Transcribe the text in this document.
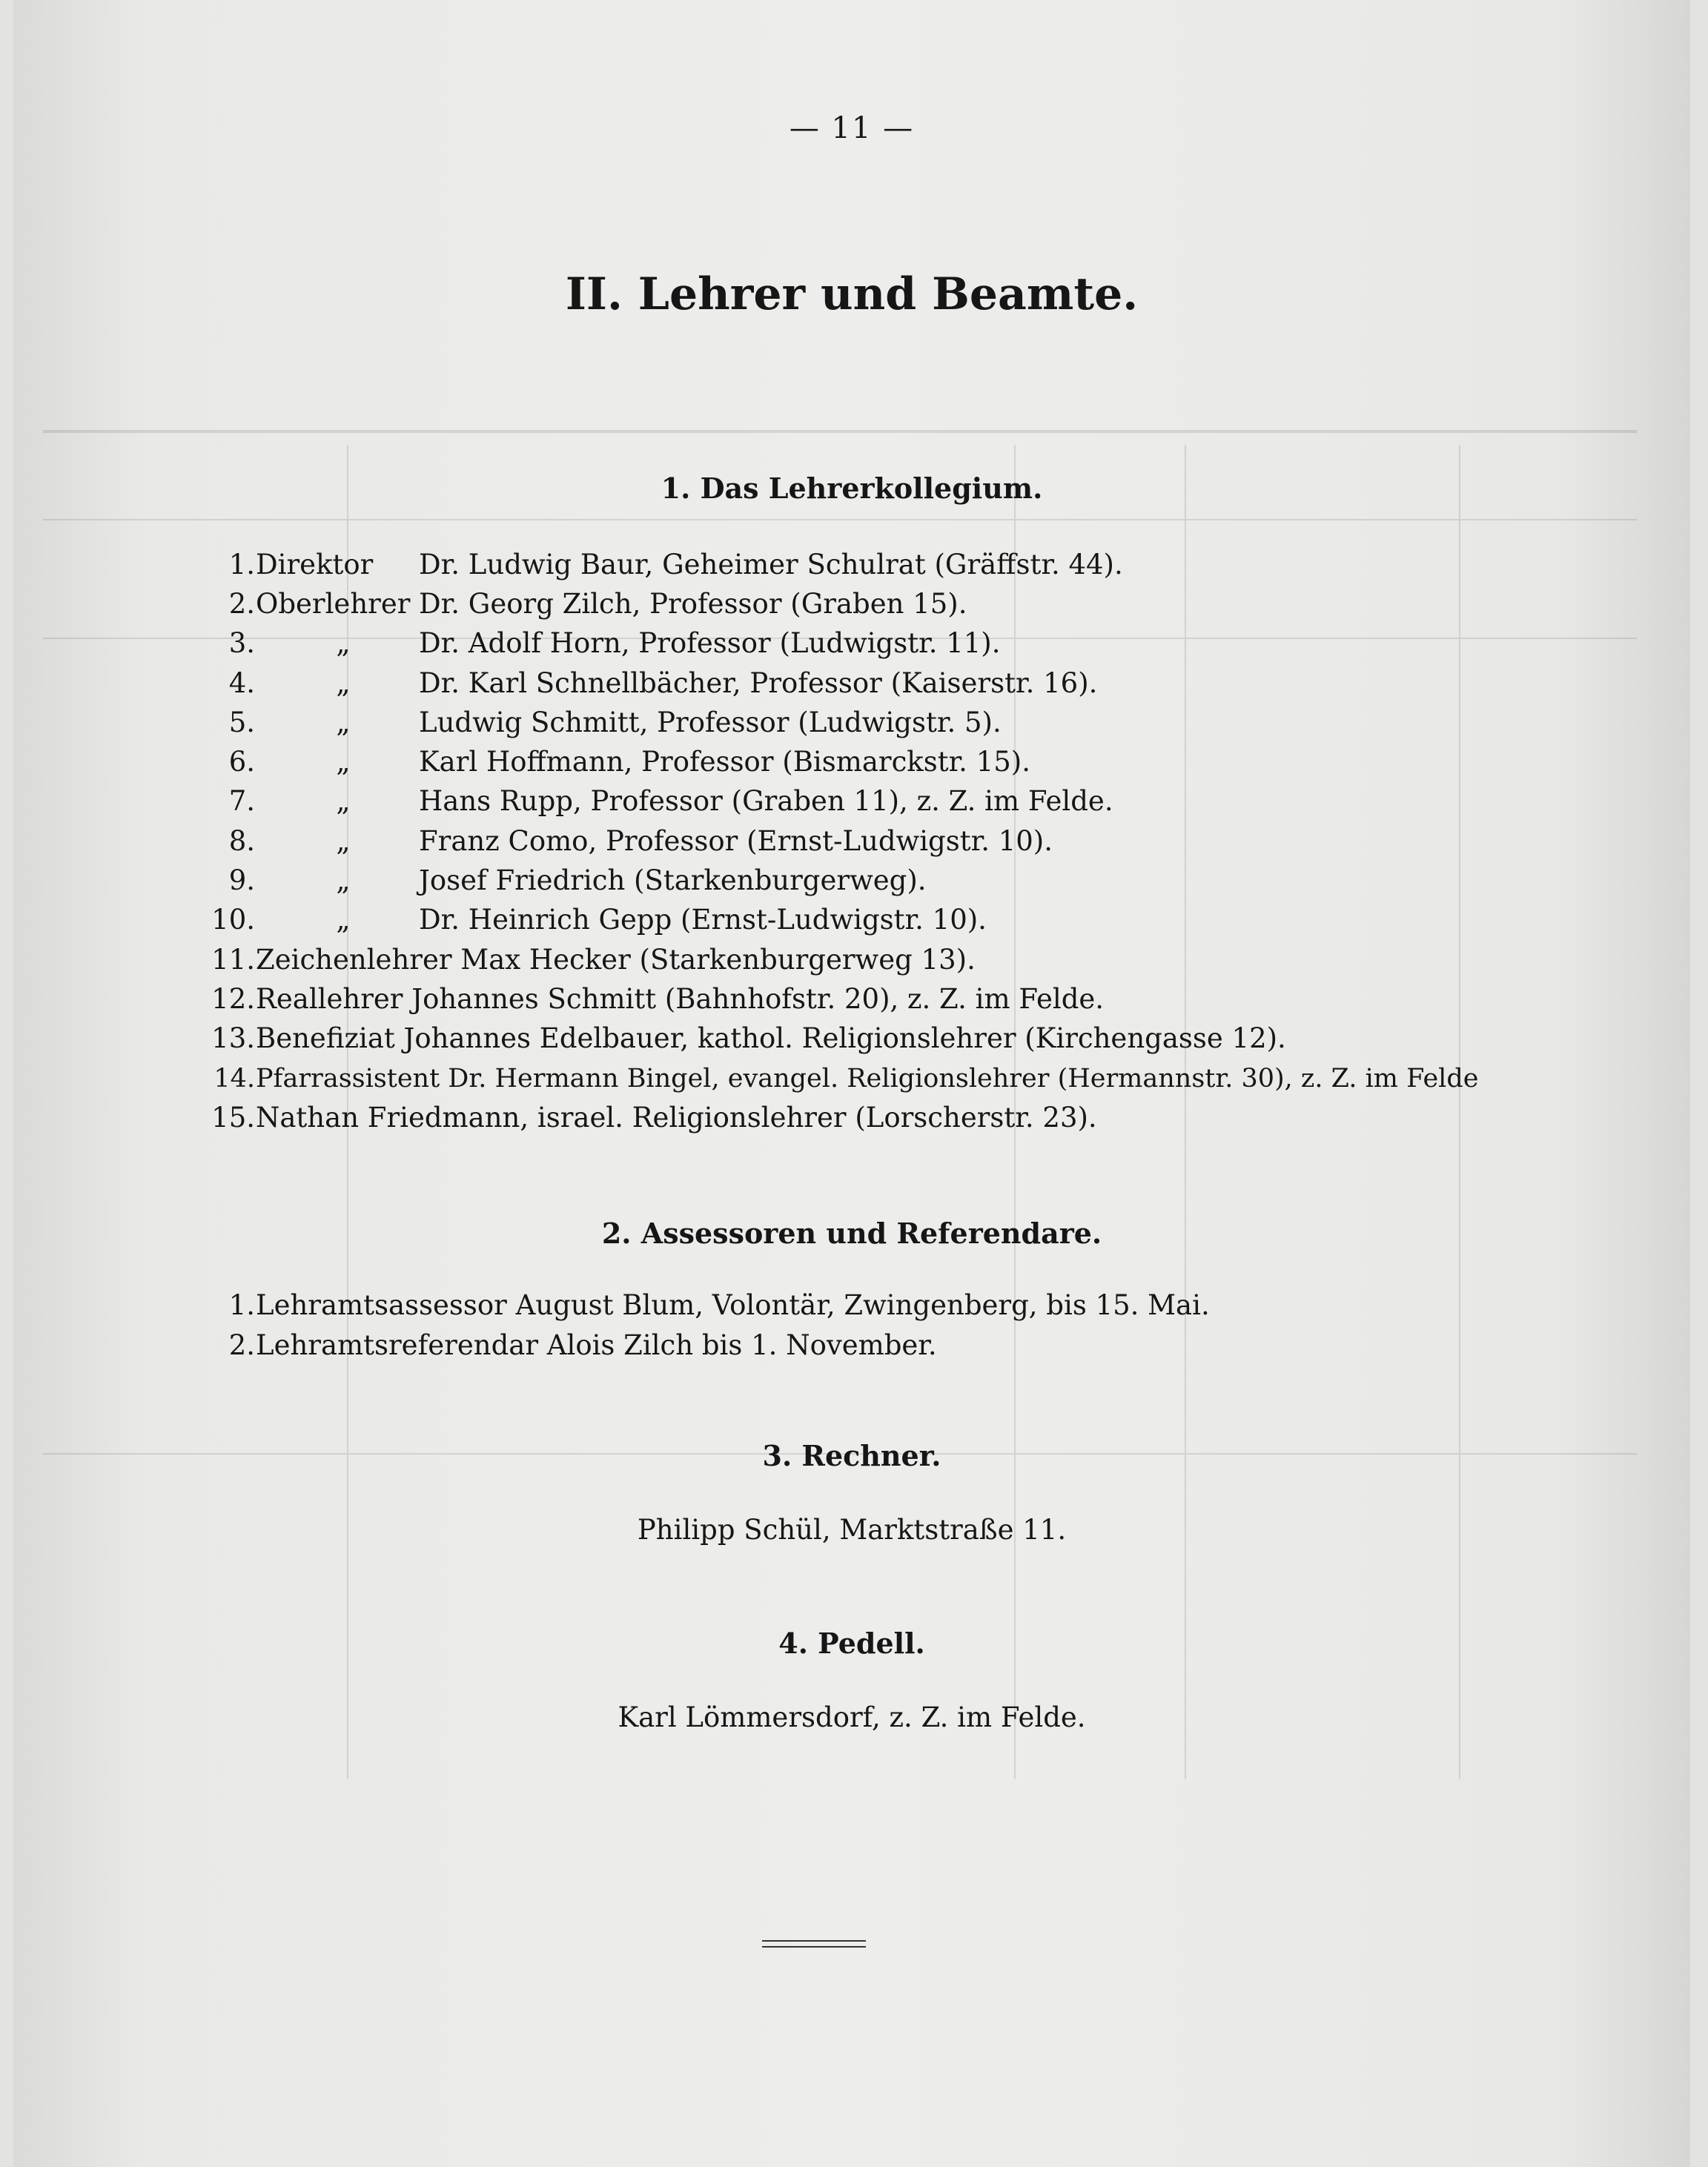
— 11 —
II. Lehrer und Beamte.
1. Das Lehrerkollegium.
1. Direktor Dr. Ludwig Baur, Geheimer Schulrat (Gräffstr. 44).
2. Oberlehrer Dr. Georg Zilch, Professor (Graben 15).
3.	„	Dr. Adolf Horn, Professor (Ludwigstr. 11).
4.	„	Dr. Karl Schnellbächer, Professor (Kaiserstr. 16).
5.	„	Ludwig Schmitt, Professor (Ludwigstr. 5).
6.	„	Karl Hoffmann, Professor (Bismarckstr. 15).
7.	„	Hans Rupp, Professor (Graben 11), z. Z. im Felde.
8.	„	Franz Como, Professor (Ernst-Ludwigstr. 10).
9.	„	Josef Friedrich (Starkenburgerweg).
10.	„	Dr. Heinrich Gepp (Ernst-Ludwigstr. 10).
11. Zeichenlehrer Max Hecker (Starkenburgerweg 13).
12. Reallehrer Johannes Schmitt (Bahnhofstr. 20), z. Z. im Felde.
13. Benefiziat Johannes Edelbauer, kathol. Religionslehrer (Kirchengasse 12).
14. Pfarrassistent Dr. Hermann Bingel, evangel. Religionslehrer (Hermannstr. 30), z. Z. im Felde
15. Nathan Friedmann, israel. Religionslehrer (Lorscherstr. 23).
2. Assessoren und Referendare.
1. Lehramtsassessor August Blum, Volontär, Zwingenberg, bis 15. Mai.
2. Lehramtsreferendar Alois Zilch bis 1. November.
3. Rechner.
Philipp Schül, Marktstraße 11.
4. Pedell.
Karl Lömmersdorf, z. Z. im Felde.
